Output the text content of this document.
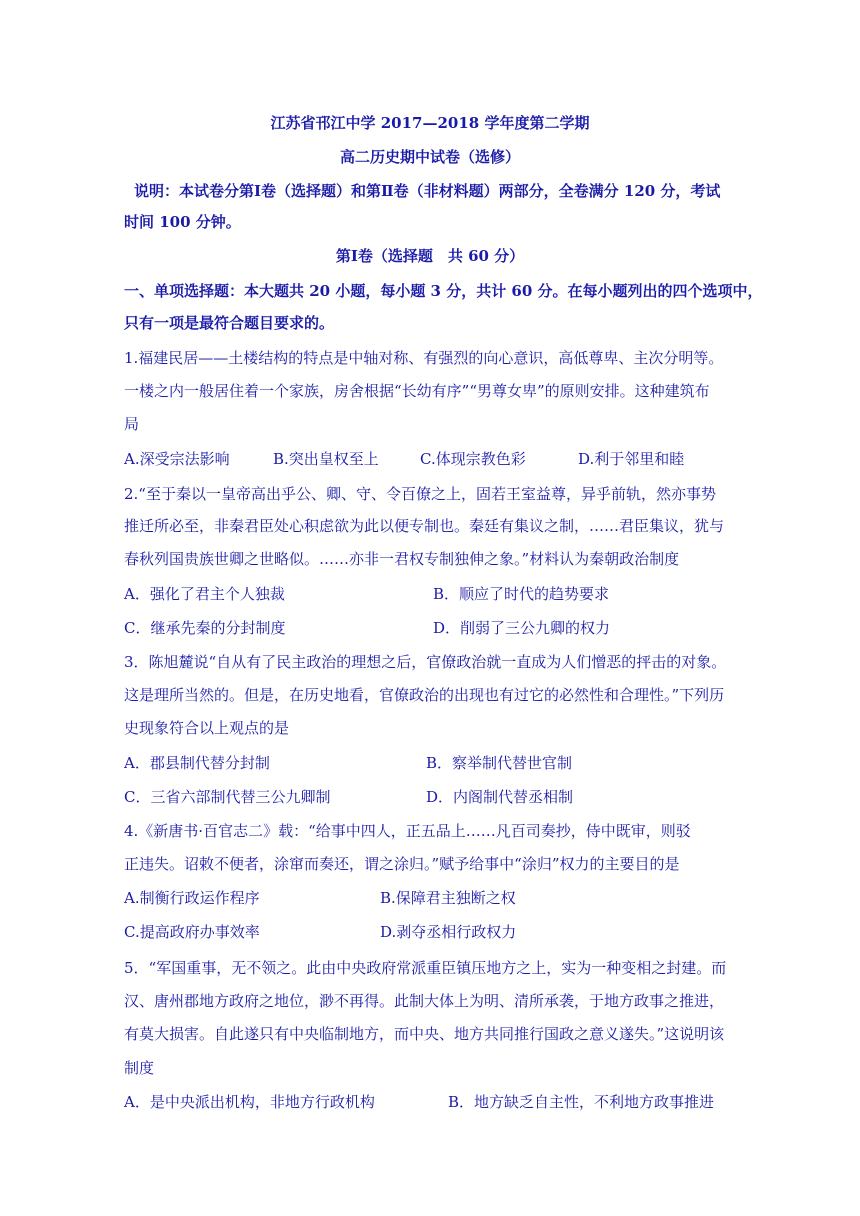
江苏省邗江中学 2017—2018 学年度第二学期
高二历史期中试卷（选修）
说明：本试卷分第Ⅰ卷（选择题）和第Ⅱ卷（非材料题）两部分，全卷满分 120 分，考试
时间 100 分钟。
第Ⅰ卷（选择题　共 60 分）
一、单项选择题：本大题共 20 小题，每小题 3 分，共计 60 分。在每小题列出的四个选项中，
只有一项是最符合题目要求的。
1.福建民居——土楼结构的特点是中轴对称、有强烈的向心意识，高低尊卑、主次分明等。
一楼之内一般居住着一个家族，房舍根据“长幼有序”“男尊女卑”的原则安排。这种建筑布
局
A.深受宗法影响	B.突出皇权至上	C.体现宗教色彩	D.利于邻里和睦
2.“至于秦以一皇帝高出乎公、卿、守、令百僚之上，固若王室益尊，异乎前轨，然亦事势
推迁所必至，非秦君臣处心积虑欲为此以便专制也。秦廷有集议之制，……君臣集议，犹与
春秋列国贵族世卿之世略似。……亦非一君权专制独伸之象。”材料认为秦朝政治制度
A．强化了君主个人独裁	B．顺应了时代的趋势要求
C．继承先秦的分封制度	D．削弱了三公九卿的权力
3．陈旭麓说“自从有了民主政治的理想之后，官僚政治就一直成为人们憎恶的抨击的对象。
这是理所当然的。但是，在历史地看，官僚政治的出现也有过它的必然性和合理性。”下列历
史现象符合以上观点的是
A．郡县制代替分封制	B．察举制代替世官制
C．三省六部制代替三公九卿制	D．内阁制代替丞相制
4.《新唐书·百官志二》载：“给事中四人，正五品上……凡百司奏抄，侍中既审，则驳
正违失。诏敕不便者，涂窜而奏还，谓之涂归。”赋予给事中“涂归”权力的主要目的是
A.制衡行政运作程序	B.保障君主独断之权
C.提高政府办事效率	D.剥夺丞相行政权力
5．“军国重事，无不领之。此由中央政府常派重臣镇压地方之上，实为一种变相之封建。而
汉、唐州郡地方政府之地位，渺不再得。此制大体上为明、清所承袭，于地方政事之推进，
有莫大损害。自此遂只有中央临制地方，而中央、地方共同推行国政之意义遂失。”这说明该
制度
A．是中央派出机构，非地方行政机构	B．地方缺乏自主性，不利地方政事推进
